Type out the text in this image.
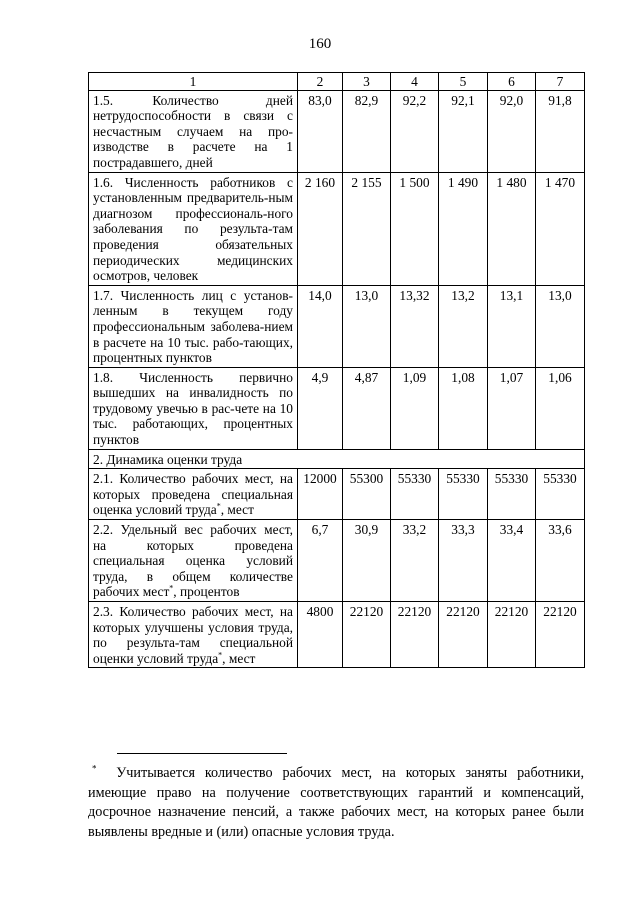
160
1	2	3	4	5	6	7
1.5.     Количество      дней нетрудоспособности в связи с несчастным случаем на про-изводстве в расчете на 1 пострадавшего, дней	83,0	82,9	92,2	92,1	92,0	91,8
1.6. Численность работников с установленным предваритель-ным диагнозом профессиональ-ного заболевания по результа-там проведения обязательных периодических медицинских осмотров, человек	2 160	2 155	1 500	1 490	1 480	1 470
1.7. Численность лиц с установ-ленным в текущем году профессиональным заболева-нием в расчете на 10 тыс. рабо-тающих, процентных пунктов	14,0	13,0	13,32	13,2	13,1	13,0
1.8. Численность первично вышедших на инвалидность по трудовому увечью в рас-чете на 10 тыс. работающих, процентных пунктов	4,9	4,87	1,09	1,08	1,07	1,06
2. Динамика оценки труда						
2.1. Количество рабочих мест, на которых проведена специальная оценка условий труда*, мест	12000	55300	55330	55330	55330	55330
2.2. Удельный вес рабочих мест, на которых проведена специальная оценка условий труда, в общем количестве рабочих мест*, процентов	6,7	30,9	33,2	33,3	33,4	33,6
2.3. Количество рабочих мест, на которых улучшены условия труда, по результа-там специальной оценки условий труда*, мест	4800	22120	22120	22120	22120	22120

* Учитывается количество рабочих мест, на которых заняты работники, имеющие право на получение соответствующих гарантий и компенсаций, досрочное назначение пенсий, а также рабочих мест, на которых ранее были выявлены вредные и (или) опасные условия труда.
